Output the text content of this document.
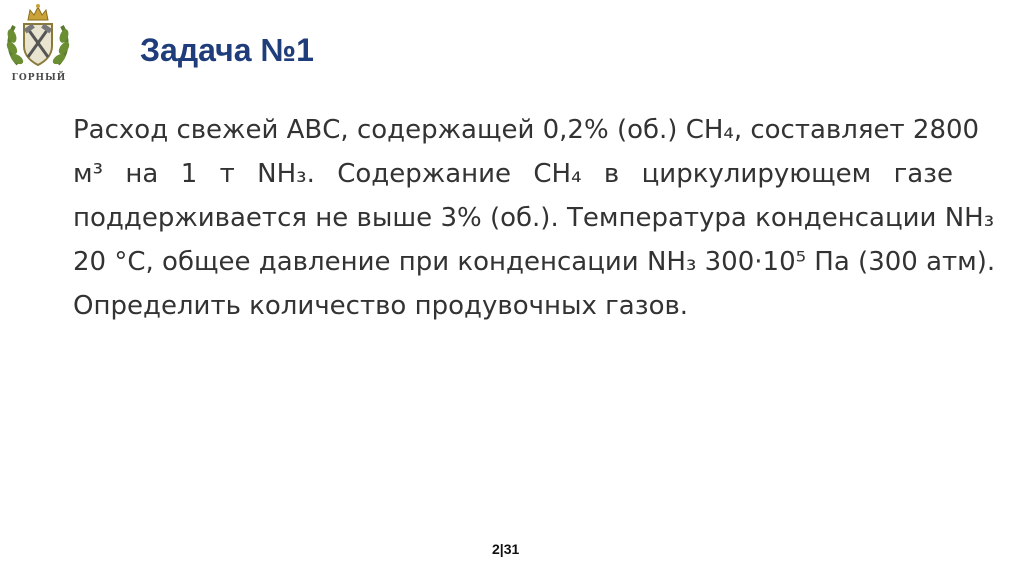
ГОРНЫЙ
Задача №1
Расход свежей АВС, содержащей 0,2% (об.) CH₄, составляет 2800
м³ на 1 т NH₃. Содержание CH₄ в циркулирующем газе
поддерживается не выше 3% (об.). Температура конденсации NH₃
20 °С, общее давление при конденсации NH₃ 300·10⁵ Па (300 атм).
Определить количество продувочных газов.
2|31
